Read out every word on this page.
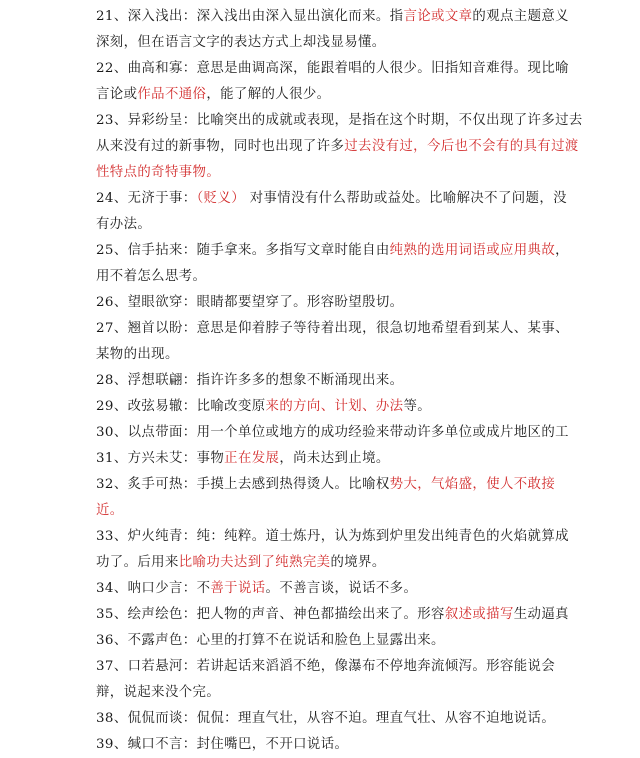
21、深入浅出：深入浅出由深入显出演化而来。指言论或文章的观点主题意义
深刻，但在语言文字的表达方式上却浅显易懂。
22、曲高和寡：意思是曲调高深，能跟着唱的人很少。旧指知音难得。现比喻
言论或作品不通俗，能了解的人很少。
23、异彩纷呈：比喻突出的成就或表现，是指在这个时期，不仅出现了许多过去
从来没有过的新事物，同时也出现了许多过去没有过，今后也不会有的具有过渡
性特点的奇特事物。
24、无济于事：（贬义） 对事情没有什么帮助或益处。比喻解决不了问题，没
有办法。
25、信手拈来：随手拿来。多指写文章时能自由纯熟的选用词语或应用典故，
用不着怎么思考。
26、望眼欲穿：眼睛都要望穿了。形容盼望殷切。
27、翘首以盼：意思是仰着脖子等待着出现，很急切地希望看到某人、某事、
某物的出现。
28、浮想联翩：指许许多多的想象不断涌现出来。
29、改弦易辙：比喻改变原来的方向、计划、办法等。
30、以点带面：用一个单位或地方的成功经验来带动许多单位或成片地区的工
31、方兴未艾：事物正在发展，尚未达到止境。
32、炙手可热：手摸上去感到热得烫人。比喻权势大，气焰盛，使人不敢接
近。
33、炉火纯青：纯：纯粹。道士炼丹，认为炼到炉里发出纯青色的火焰就算成
功了。后用来比喻功夫达到了纯熟完美的境界。
34、呐口少言：不善于说话。不善言谈，说话不多。
35、绘声绘色：把人物的声音、神色都描绘出来了。形容叙述或描写生动逼真
36、不露声色：心里的打算不在说话和脸色上显露出来。
37、口若悬河：若讲起话来滔滔不绝，像瀑布不停地奔流倾泻。形容能说会
辩，说起来没个完。
38、侃侃而谈：侃侃：理直气壮，从容不迫。理直气壮、从容不迫地说话。
39、缄口不言：封住嘴巴，不开口说话。
